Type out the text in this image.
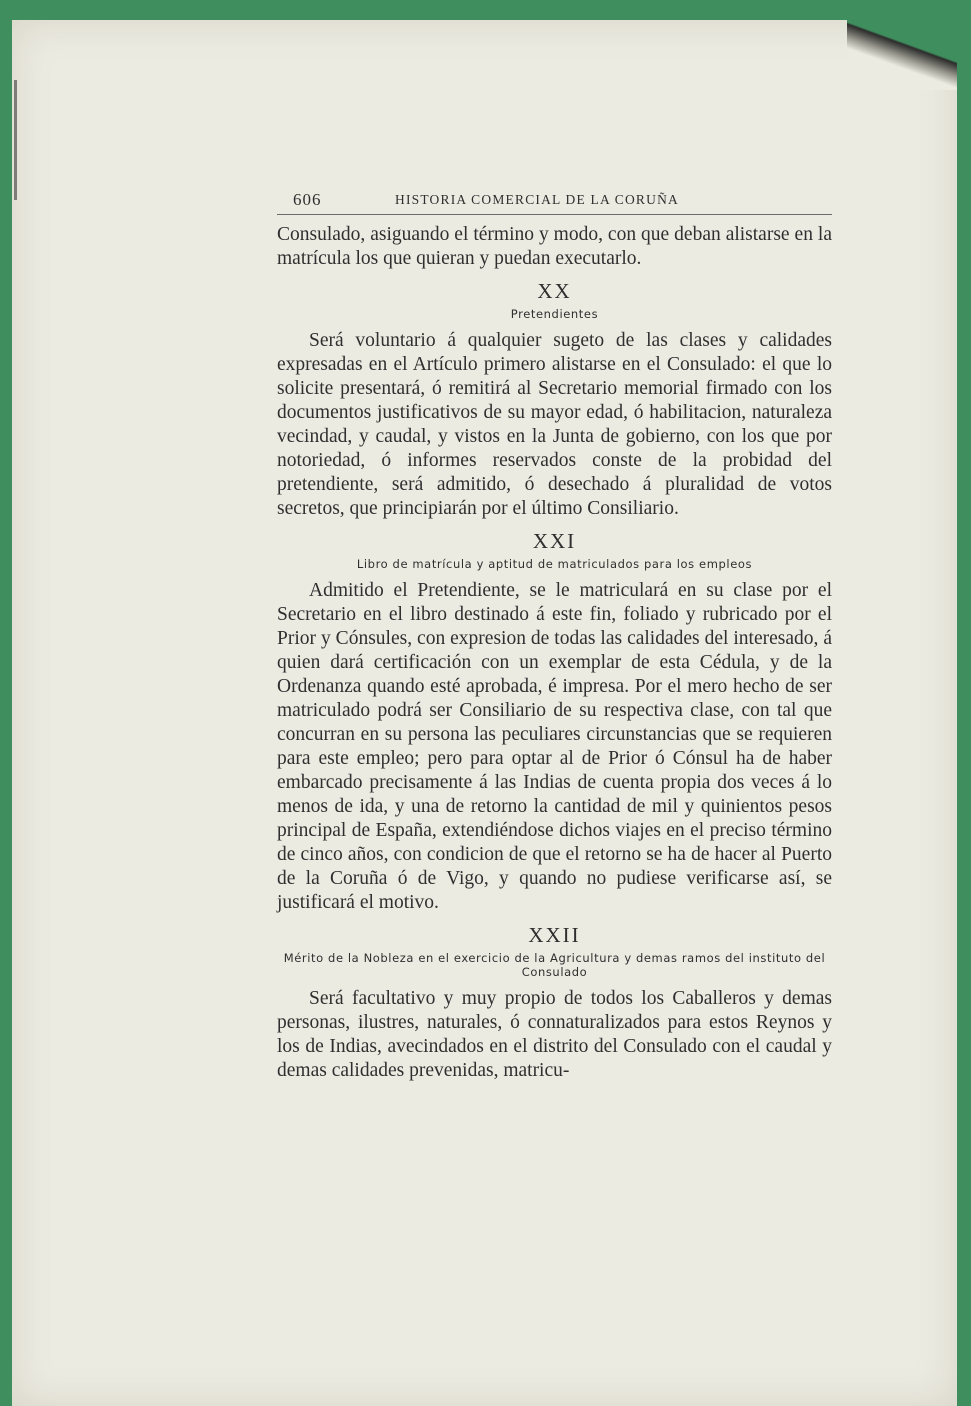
606	HISTORIA COMERCIAL DE LA CORUÑA

Consulado, asiguando el término y modo, con que deban alistarse en la matrícula los que quieran y puedan executarlo.

XX
Pretendientes

Será voluntario á qualquier sugeto de las clases y calidades expresadas en el Artículo primero alistarse en el Consulado: el que lo solicite presentará, ó remitirá al Secretario memorial firmado con los documentos justificativos de su mayor edad, ó habilitacion, naturaleza vecindad, y caudal, y vistos en la Junta de gobierno, con los que por notoriedad, ó informes reservados conste de la probidad del pretendiente, será admitido, ó desechado á pluralidad de votos secretos, que principiarán por el último Consiliario.

XXI
Libro de matrícula y aptitud de matriculados para los empleos

Admitido el Pretendiente, se le matriculará en su clase por el Secretario en el libro destinado á este fin, foliado y rubricado por el Prior y Cónsules, con expresion de todas las calidades del interesado, á quien dará certificación con un exemplar de esta Cédula, y de la Ordenanza quando esté aprobada, é impresa. Por el mero hecho de ser matriculado podrá ser Consiliario de su respectiva clase, con tal que concurran en su persona las peculiares circunstancias que se requieren para este empleo; pero para optar al de Prior ó Cónsul ha de haber embarcado precisamente á las Indias de cuenta propia dos veces á lo menos de ida, y una de retorno la cantidad de mil y quinientos pesos principal de España, extendiéndose dichos viajes en el preciso término de cinco años, con condicion de que el retorno se ha de hacer al Puerto de la Coruña ó de Vigo, y quando no pudiese verificarse así, se justificará el motivo.

XXII
Mérito de la Nobleza en el exercicio de la Agricultura y demas ramos del instituto del Consulado

Será facultativo y muy propio de todos los Caballeros y demas personas, ilustres, naturales, ó connaturalizados para estos Reynos y los de Indias, avecindados en el distrito del Consulado con el caudal y demas calidades prevenidas, matricu-
